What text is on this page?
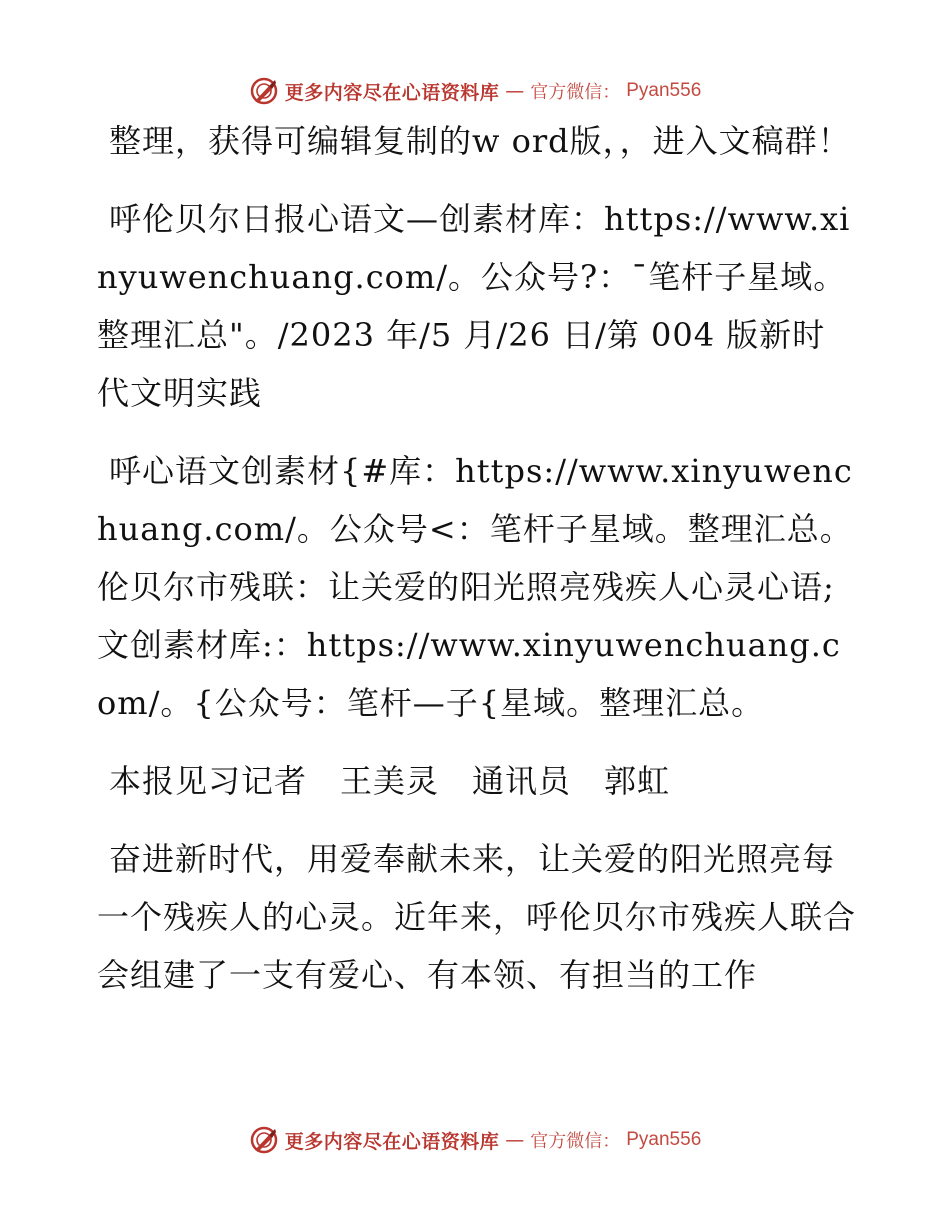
更多内容尽在心语资料库 — 官方微信： Pyan556

整理，获得可编辑复制的w ord版，，进入文稿群！

呼伦贝尔日报心语文—创素材库：https://www.xinyuwenchuang.com/。公众号?：¯笔杆子星域。整理汇总"。/2023 年/5 月/26 日/第 004 版新时代文明实践

呼心语文创素材{#库：https://www.xinyuwenchuang.com/。公众号<：笔杆子星域。整理汇总。伦贝尔市残联：让关爱的阳光照亮残疾人心灵心语;文创素材库:：https://www.xinyuwenchuang.com/。{公众号：笔杆—子{星域。整理汇总。

本报见习记者　王美灵　通讯员　郭虹

奋进新时代，用爱奉献未来，让关爱的阳光照亮每一个残疾人的心灵。近年来，呼伦贝尔市残疾人联合会组建了一支有爱心、有本领、有担当的工作

更多内容尽在心语资料库 — 官方微信： Pyan556
